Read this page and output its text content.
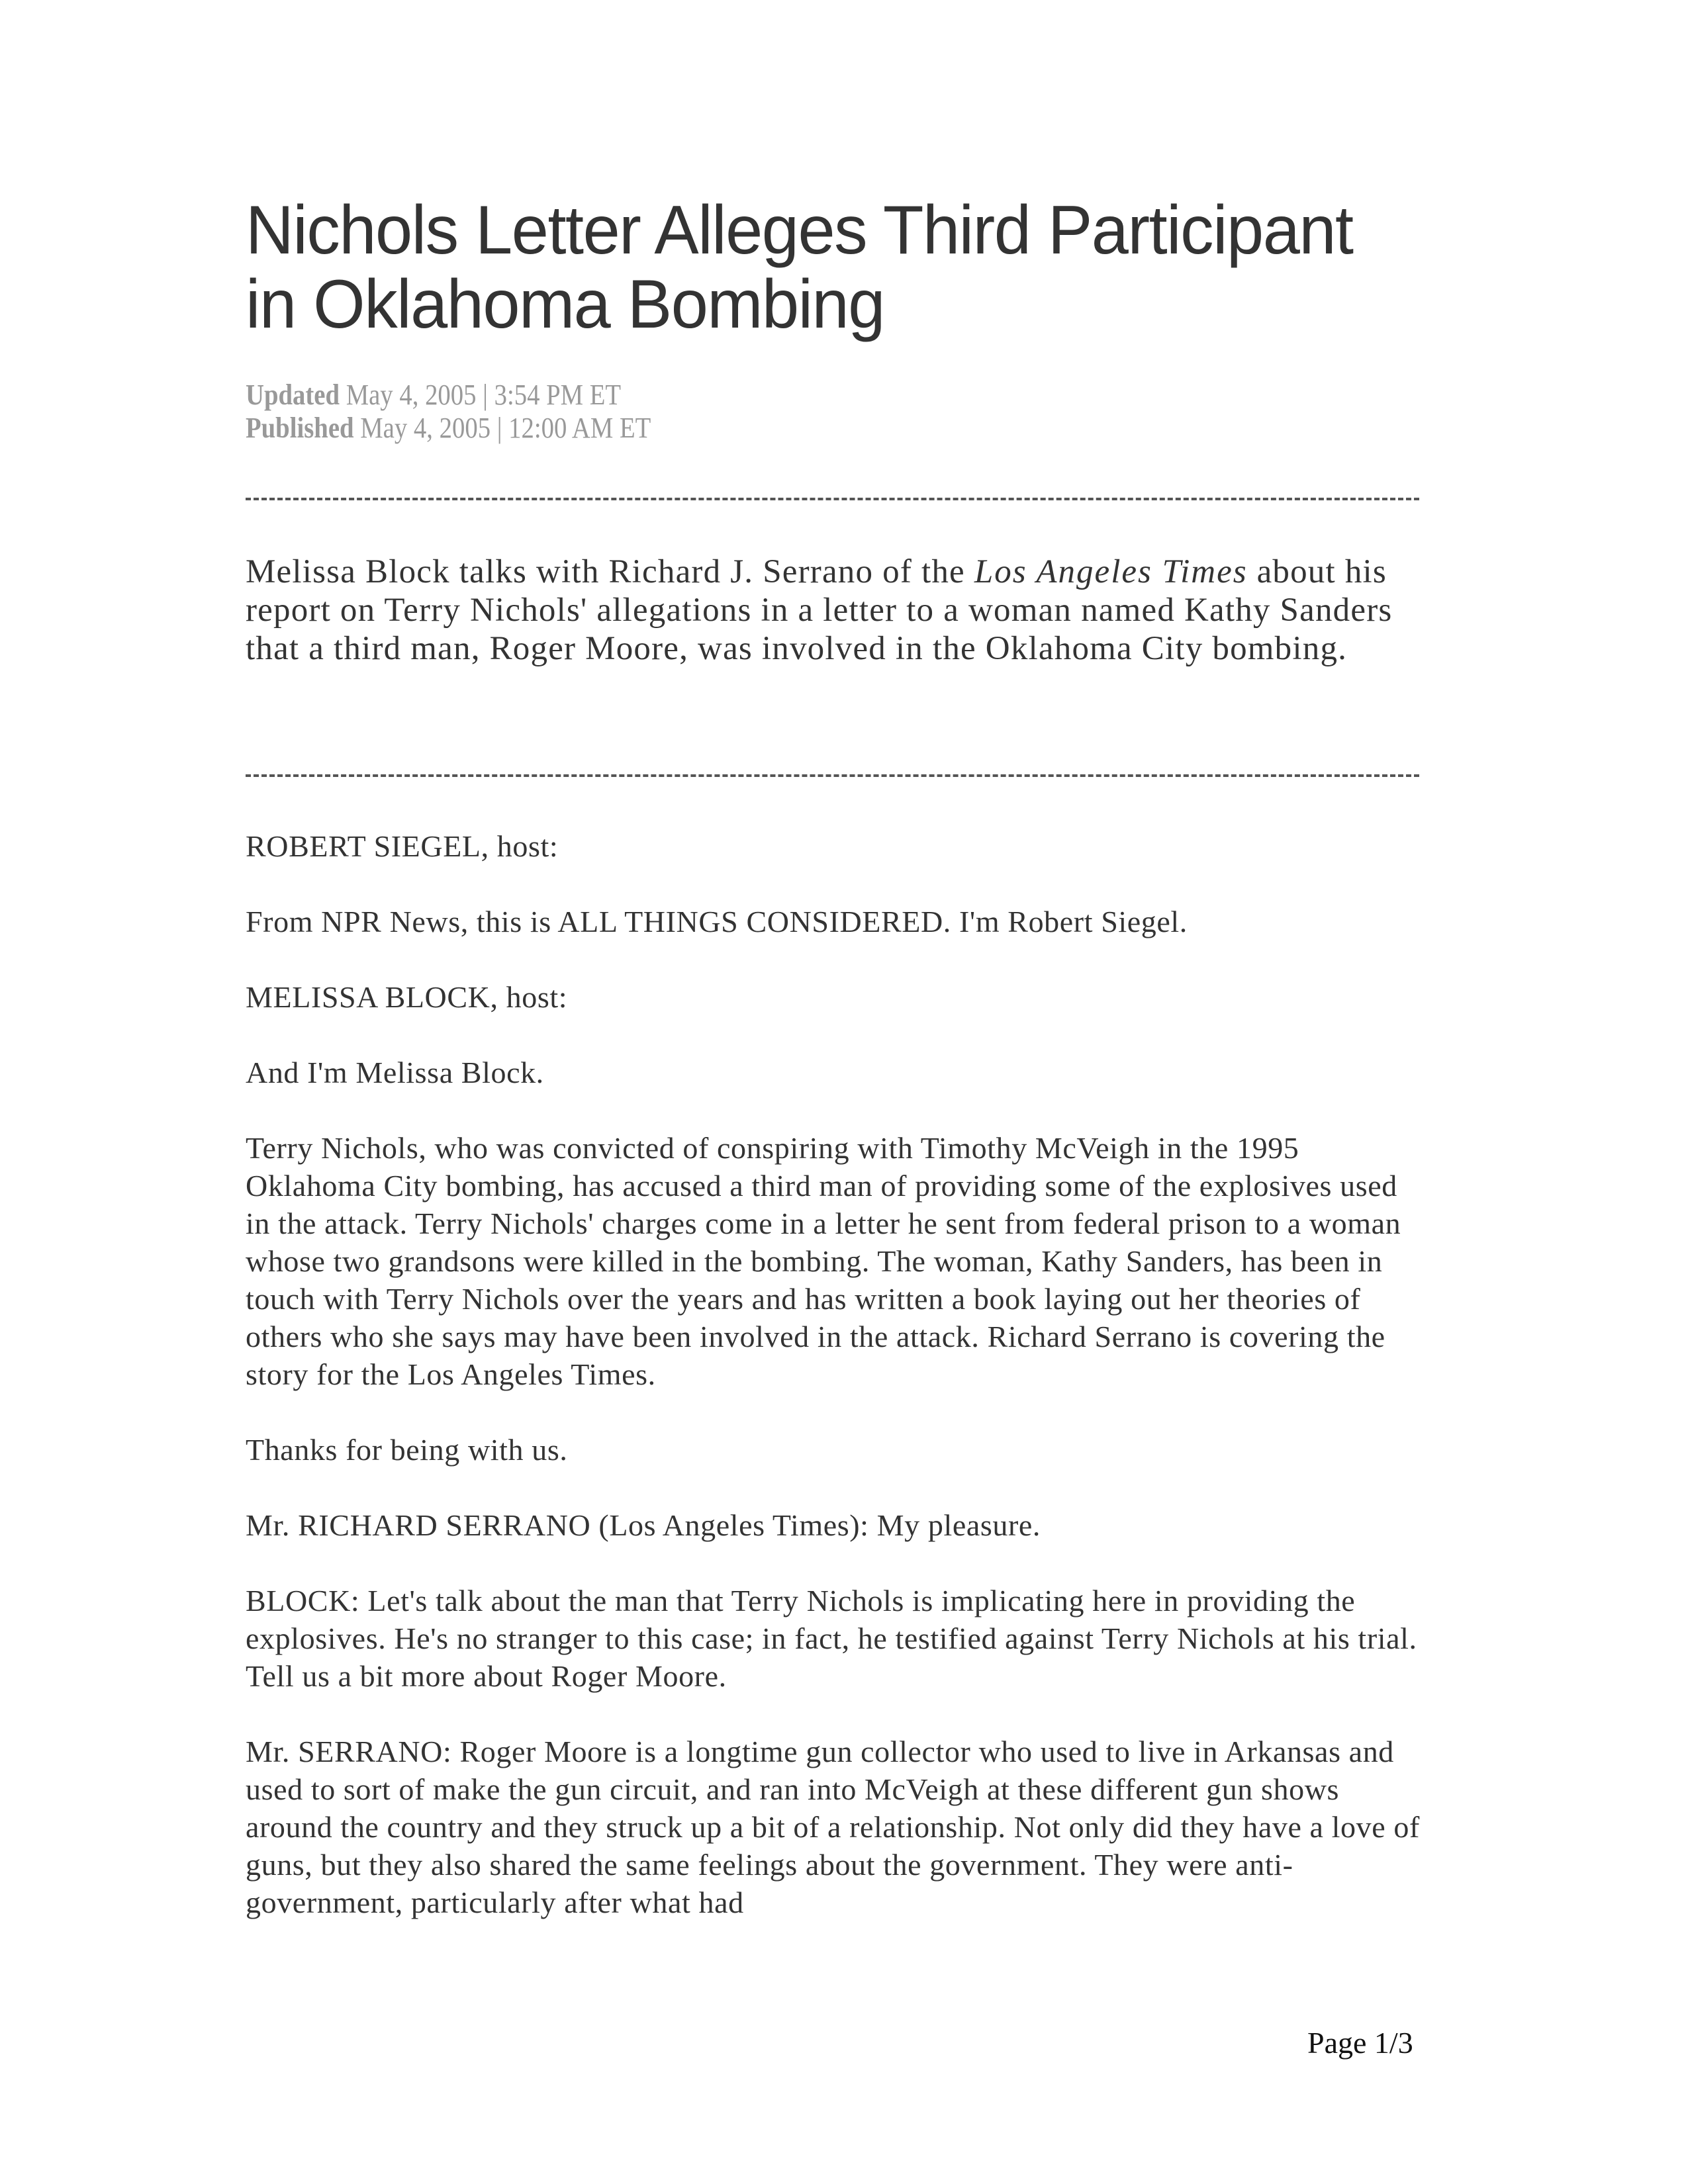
Nichols Letter Alleges Third Participant
in Oklahoma Bombing
Updated May 4, 2005 | 3:54 PM ET
Published May 4, 2005 | 12:00 AM ET

Melissa Block talks with Richard J. Serrano of the Los Angeles Times about his report on Terry Nichols' allegations in a letter to a woman named Kathy Sanders that a third man, Roger Moore, was involved in the Oklahoma City bombing.

ROBERT SIEGEL, host:

From NPR News, this is ALL THINGS CONSIDERED. I'm Robert Siegel.

MELISSA BLOCK, host:

And I'm Melissa Block.

Terry Nichols, who was convicted of conspiring with Timothy McVeigh in the 1995 Oklahoma City bombing, has accused a third man of providing some of the explosives used in the attack. Terry Nichols' charges come in a letter he sent from federal prison to a woman whose two grandsons were killed in the bombing. The woman, Kathy Sanders, has been in touch with Terry Nichols over the years and has written a book laying out her theories of others who she says may have been involved in the attack. Richard Serrano is covering the story for the Los Angeles Times.

Thanks for being with us.

Mr. RICHARD SERRANO (Los Angeles Times): My pleasure.

BLOCK: Let's talk about the man that Terry Nichols is implicating here in providing the explosives. He's no stranger to this case; in fact, he testified against Terry Nichols at his trial. Tell us a bit more about Roger Moore.

Mr. SERRANO: Roger Moore is a longtime gun collector who used to live in Arkansas and used to sort of make the gun circuit, and ran into McVeigh at these different gun shows around the country and they struck up a bit of a relationship. Not only did they have a love of guns, but they also shared the same feelings about the government. They were anti-government, particularly after what had

Page 1/3
